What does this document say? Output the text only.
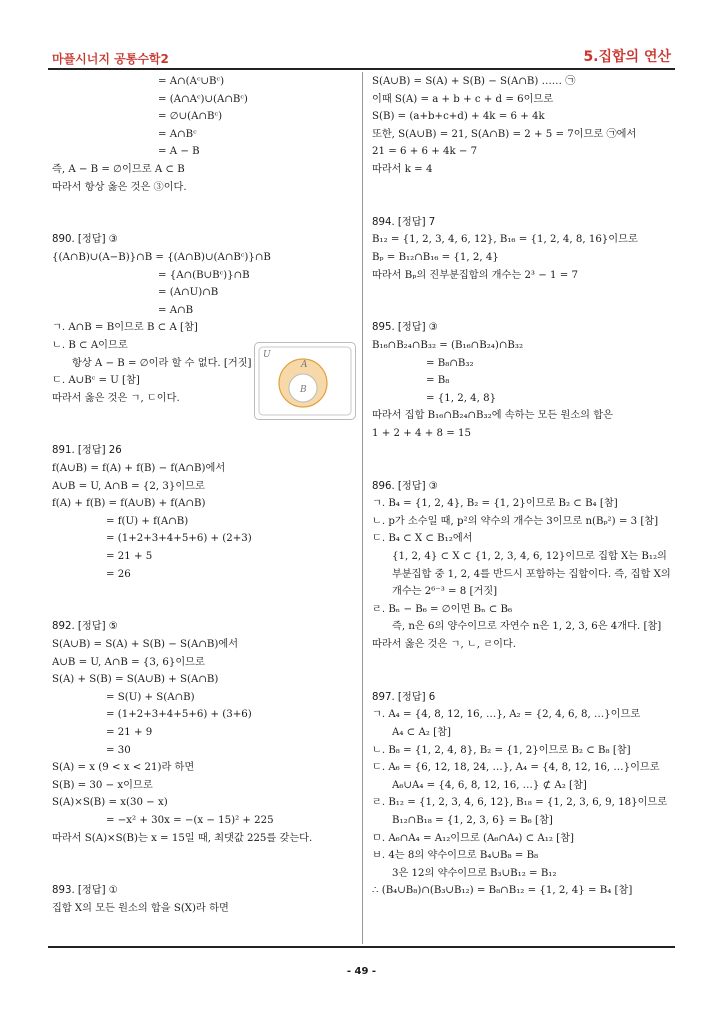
마플시너지 공통수학2	5.집합의 연산
= A∩(Aᶜ∪Bᶜ)
= (A∩Aᶜ)∪(A∩Bᶜ)
= ∅∪(A∩Bᶜ)
= A∩Bᶜ
= A − B
즉, A − B = ∅이므로 A ⊂ B
따라서 항상 옳은 것은 ③이다.
890. [정답] ③
{(A∩B)∪(A−B)}∩B = {(A∩B)∪(A∩Bᶜ)}∩B
= {A∩(B∪Bᶜ)}∩B
= (A∩U)∩B
= A∩B
ㄱ. A∩B = B이므로 B ⊂ A [참]
ㄴ. B ⊂ A이므로
항상 A − B = ∅이라 할 수 없다. [거짓]
ㄷ. A∪Bᶜ = U [참]
따라서 옳은 것은 ㄱ, ㄷ이다.
891. [정답] 26
f(A∪B) = f(A) + f(B) − f(A∩B)에서
A∪B = U, A∩B = {2, 3}이므로
f(A) + f(B) = f(A∪B) + f(A∩B)
= f(U) + f(A∩B)
= (1+2+3+4+5+6) + (2+3)
= 21 + 5
= 26
892. [정답] ⑤
S(A∪B) = S(A) + S(B) − S(A∩B)에서
A∪B = U, A∩B = {3, 6}이므로
S(A) + S(B) = S(A∪B) + S(A∩B)
= S(U) + S(A∩B)
= (1+2+3+4+5+6) + (3+6)
= 21 + 9
= 30
S(A) = x (9 < x < 21)라 하면
S(B) = 30 − x이므로
S(A)×S(B) = x(30 − x)
= −x² + 30x = −(x − 15)² + 225
따라서 S(A)×S(B)는 x = 15일 때, 최댓값 225를 갖는다.
893. [정답] ①
집합 X의 모든 원소의 합을 S(X)라 하면
S(A∪B) = S(A) + S(B) − S(A∩B) …… ㉠
이때 S(A) = a + b + c + d = 6이므로
S(B) = (a+b+c+d) + 4k = 6 + 4k
또한, S(A∪B) = 21, S(A∩B) = 2 + 5 = 7이므로 ㉠에서
21 = 6 + 6 + 4k − 7
따라서 k = 4
894. [정답] 7
B₁₂ = {1, 2, 3, 4, 6, 12}, B₁₆ = {1, 2, 4, 8, 16}이므로
Bₚ = B₁₂∩B₁₆ = {1, 2, 4}
따라서 Bₚ의 진부분집합의 개수는 2³ − 1 = 7
895. [정답] ③
B₁₆∩B₂₄∩B₃₂ = (B₁₆∩B₂₄)∩B₃₂
= B₈∩B₃₂
= B₈
= {1, 2, 4, 8}
따라서 집합 B₁₆∩B₂₄∩B₃₂에 속하는 모든 원소의 합은
1 + 2 + 4 + 8 = 15
896. [정답] ③
ㄱ. B₄ = {1, 2, 4}, B₂ = {1, 2}이므로 B₂ ⊂ B₄ [참]
ㄴ. p가 소수일 때, p²의 약수의 개수는 3이므로 n(Bₚ²) = 3 [참]
ㄷ. B₄ ⊂ X ⊂ B₁₂에서
{1, 2, 4} ⊂ X ⊂ {1, 2, 3, 4, 6, 12}이므로 집합 X는 B₁₂의
부분집합 중 1, 2, 4를 반드시 포함하는 집합이다. 즉, 집합 X의
개수는 2⁶⁻³ = 8 [거짓]
ㄹ. Bₙ − B₆ = ∅이면 Bₙ ⊂ B₆
즉, n은 6의 양수이므로 자연수 n은 1, 2, 3, 6은 4개다. [참]
따라서 옳은 것은 ㄱ, ㄴ, ㄹ이다.
897. [정답] 6
ㄱ. A₄ = {4, 8, 12, 16, …}, A₂ = {2, 4, 6, 8, …}이므로
A₄ ⊂ A₂ [참]
ㄴ. B₈ = {1, 2, 4, 8}, B₂ = {1, 2}이므로 B₂ ⊂ B₈ [참]
ㄷ. A₆ = {6, 12, 18, 24, …}, A₄ = {4, 8, 12, 16, …}이므로
A₆∪A₄ = {4, 6, 8, 12, 16, …} ⊄ A₂ [참]
ㄹ. B₁₂ = {1, 2, 3, 4, 6, 12}, B₁₈ = {1, 2, 3, 6, 9, 18}이므로
B₁₂∩B₁₈ = {1, 2, 3, 6} = B₆ [참]
ㅁ. A₆∩A₄ = A₁₂이므로 (A₆∩A₄) ⊂ A₁₂ [참]
ㅂ. 4는 8의 약수이므로 B₄∪B₈ = B₈
3은 12의 약수이므로 B₃∪B₁₂ = B₁₂
∴ (B₄∪B₈)∩(B₃∪B₁₂) = B₈∩B₁₂ = {1, 2, 4} = B₄ [참]
U
A
B
- 49 -
